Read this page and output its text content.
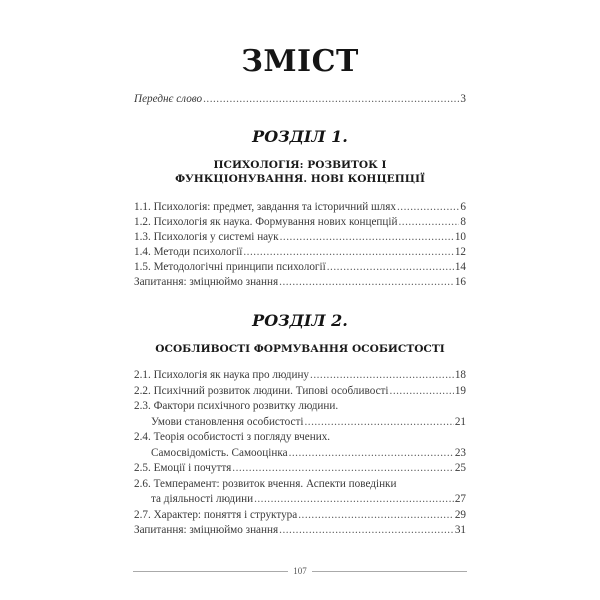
ЗМІСТ
Переднє слово .....	3
РОЗДІЛ 1.
ПСИХОЛОГІЯ: РОЗВИТОК І
ФУНКЦІОНУВАННЯ. НОВІ КОНЦЕПЦІЇ
1.1. Психологія: предмет, завдання та історичний шлях .....	6
1.2. Психологія як наука. Формування нових концепцій .....	8
1.3. Психологія у системі наук .....	10
1.4. Методи психології .....	12
1.5. Методологічні принципи психології .....	14
Запитання: зміцнюймо знання .....	16
РОЗДІЛ 2.
ОСОБЛИВОСТІ ФОРМУВАННЯ ОСОБИСТОСТІ
2.1. Психологія як наука про людину .....	18
2.2. Психічний розвиток людини. Типові особливості .....	19
2.3. Фактори психічного розвитку людини.
Умови становлення особистості .....	21
2.4. Теорія особистості з погляду вчених.
Самосвідомість. Самооцінка .....	23
2.5. Емоції і почуття .....	25
2.6. Темперамент: розвиток вчення. Аспекти поведінки
та діяльності людини .....	27
2.7. Характер: поняття і структура .....	29
Запитання: зміцнюймо знання .....	31
107
